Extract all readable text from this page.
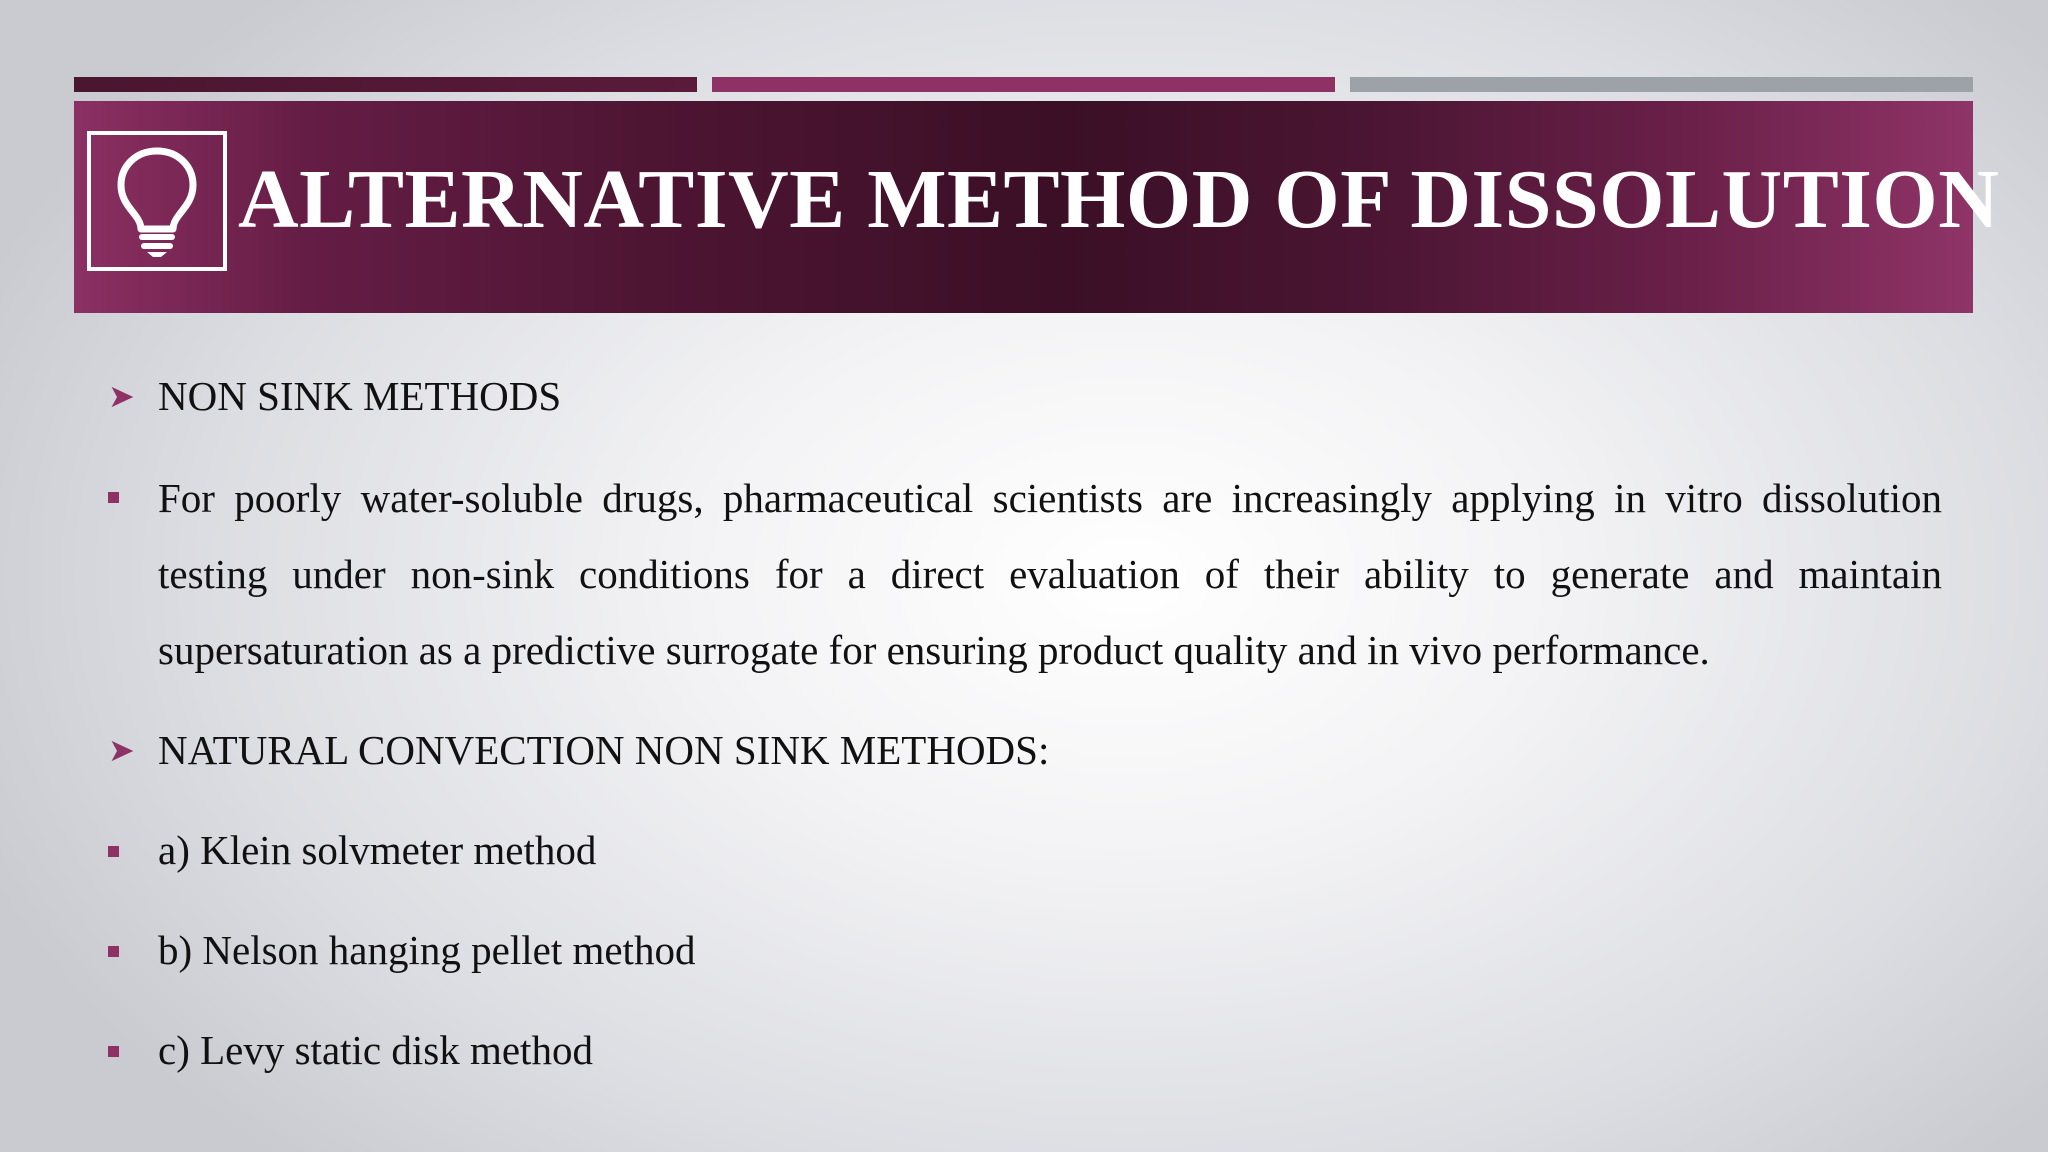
ALTERNATIVE METHOD OF DISSOLUTION
➤ NON SINK METHODS
For poorly water-soluble drugs, pharmaceutical scientists are increasingly applying in vitro dissolution testing under non-sink conditions for a direct evaluation of their ability to generate and maintain supersaturation as a predictive surrogate for ensuring product quality and in vivo performance.
➤ NATURAL CONVECTION NON SINK METHODS:
a) Klein solvmeter method
b) Nelson hanging pellet method
c) Levy static disk method
